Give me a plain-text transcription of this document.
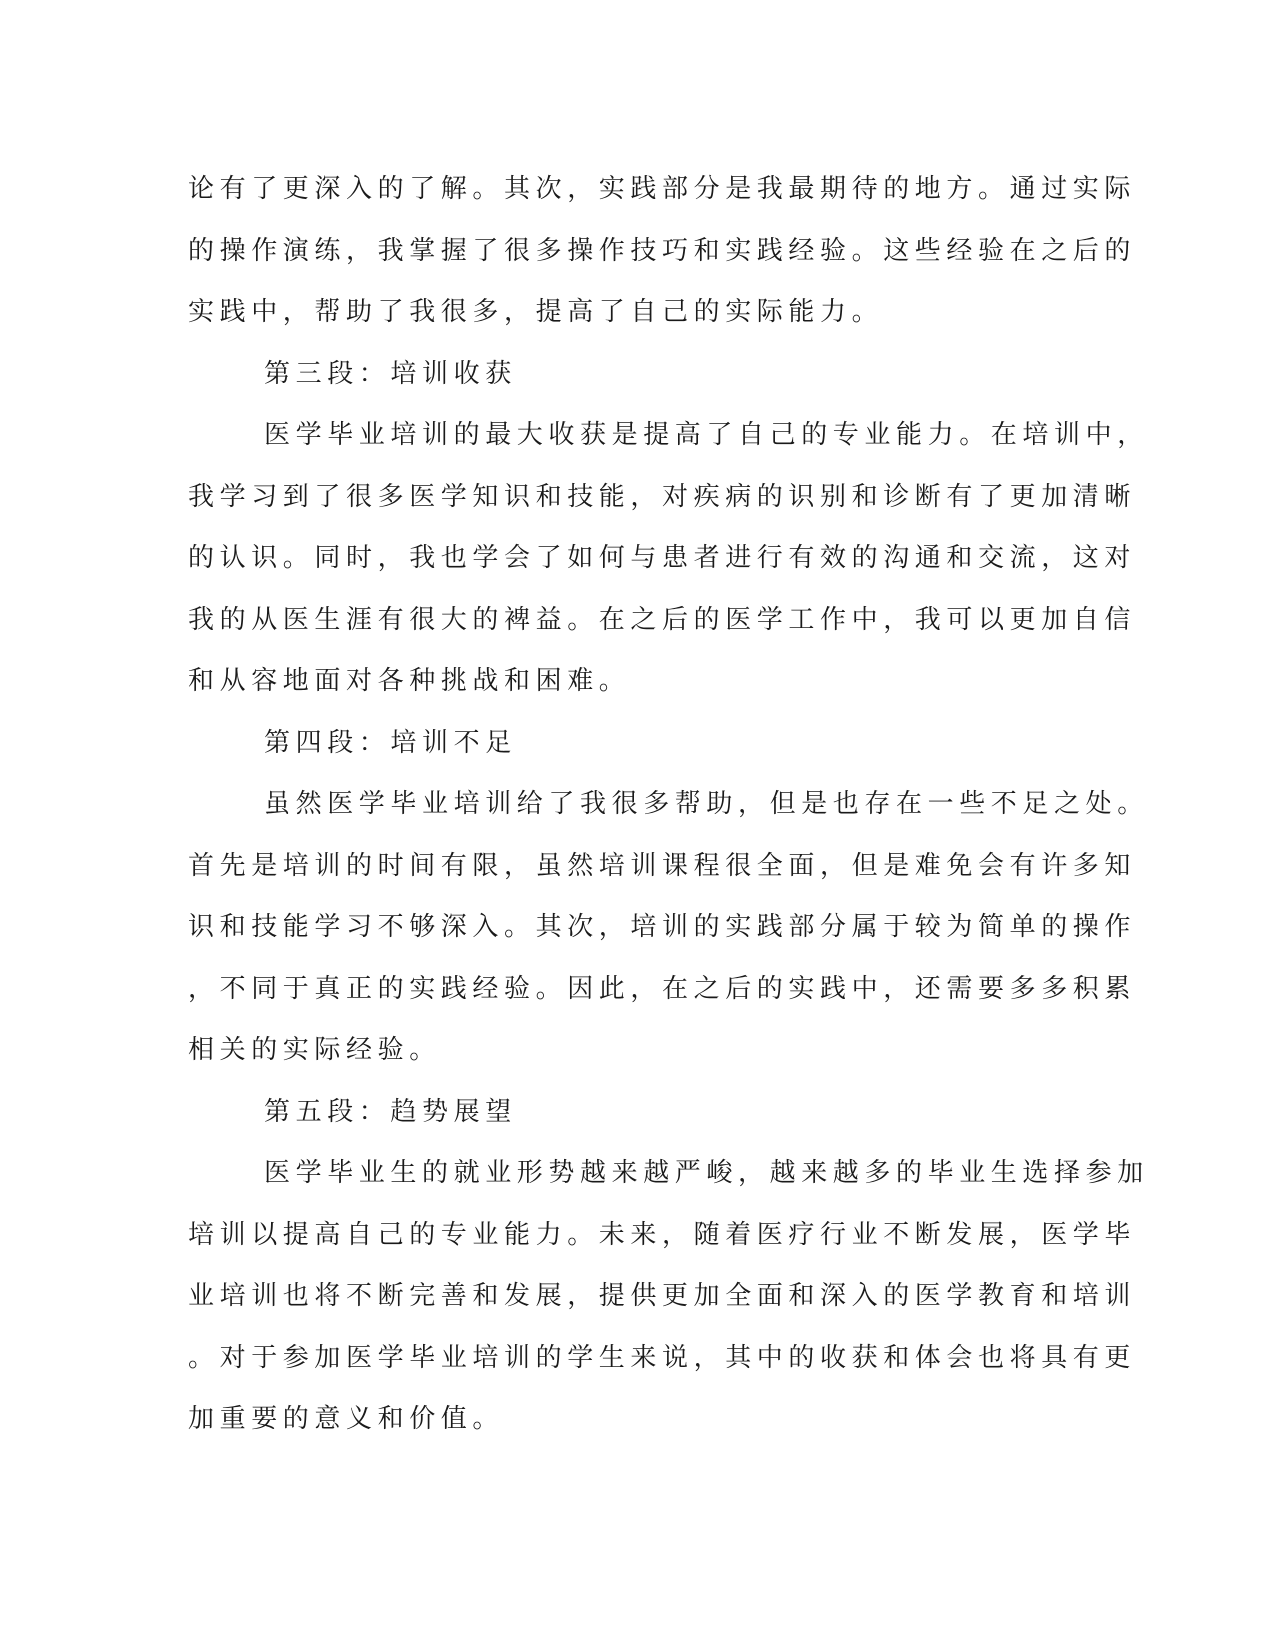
论有了更深入的了解。其次，实践部分是我最期待的地方。通过实际
的操作演练，我掌握了很多操作技巧和实践经验。这些经验在之后的
实践中，帮助了我很多，提高了自己的实际能力。
第三段：培训收获
医学毕业培训的最大收获是提高了自己的专业能力。在培训中，
我学习到了很多医学知识和技能，对疾病的识别和诊断有了更加清晰
的认识。同时，我也学会了如何与患者进行有效的沟通和交流，这对
我的从医生涯有很大的裨益。在之后的医学工作中，我可以更加自信
和从容地面对各种挑战和困难。
第四段：培训不足
虽然医学毕业培训给了我很多帮助，但是也存在一些不足之处。
首先是培训的时间有限，虽然培训课程很全面，但是难免会有许多知
识和技能学习不够深入。其次，培训的实践部分属于较为简单的操作
，不同于真正的实践经验。因此，在之后的实践中，还需要多多积累
相关的实际经验。
第五段：趋势展望
医学毕业生的就业形势越来越严峻，越来越多的毕业生选择参加
培训以提高自己的专业能力。未来，随着医疗行业不断发展，医学毕
业培训也将不断完善和发展，提供更加全面和深入的医学教育和培训
。对于参加医学毕业培训的学生来说，其中的收获和体会也将具有更
加重要的意义和价值。
